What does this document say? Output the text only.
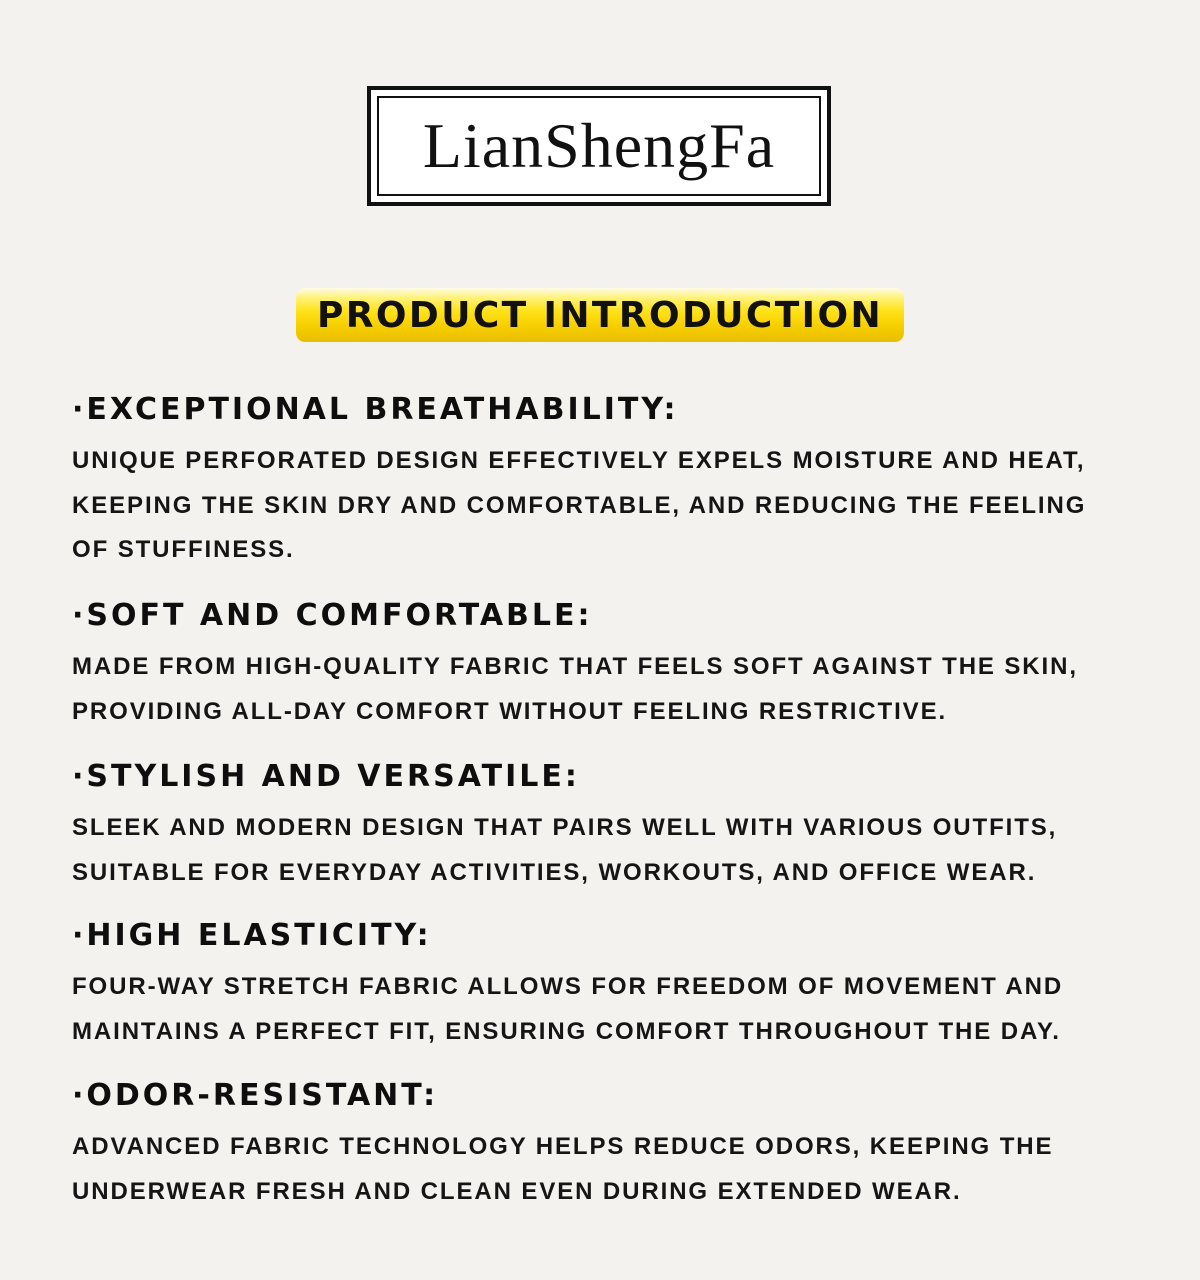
LianShengFa
PRODUCT INTRODUCTION
·EXCEPTIONAL BREATHABILITY:

UNIQUE PERFORATED DESIGN EFFECTIVELY EXPELS MOISTURE AND HEAT,
KEEPING THE SKIN DRY AND COMFORTABLE, AND REDUCING THE FEELING
OF STUFFINESS.

·SOFT AND COMFORTABLE:

MADE FROM HIGH-QUALITY FABRIC THAT FEELS SOFT AGAINST THE SKIN,
PROVIDING ALL-DAY COMFORT WITHOUT FEELING RESTRICTIVE.

·STYLISH AND VERSATILE:

SLEEK AND MODERN DESIGN THAT PAIRS WELL WITH VARIOUS OUTFITS,
SUITABLE FOR EVERYDAY ACTIVITIES, WORKOUTS, AND OFFICE WEAR.

·HIGH ELASTICITY:

FOUR-WAY STRETCH FABRIC ALLOWS FOR FREEDOM OF MOVEMENT AND
MAINTAINS A PERFECT FIT, ENSURING COMFORT THROUGHOUT THE DAY.

·ODOR-RESISTANT:

ADVANCED FABRIC TECHNOLOGY HELPS REDUCE ODORS, KEEPING THE
UNDERWEAR FRESH AND CLEAN EVEN DURING EXTENDED WEAR.
